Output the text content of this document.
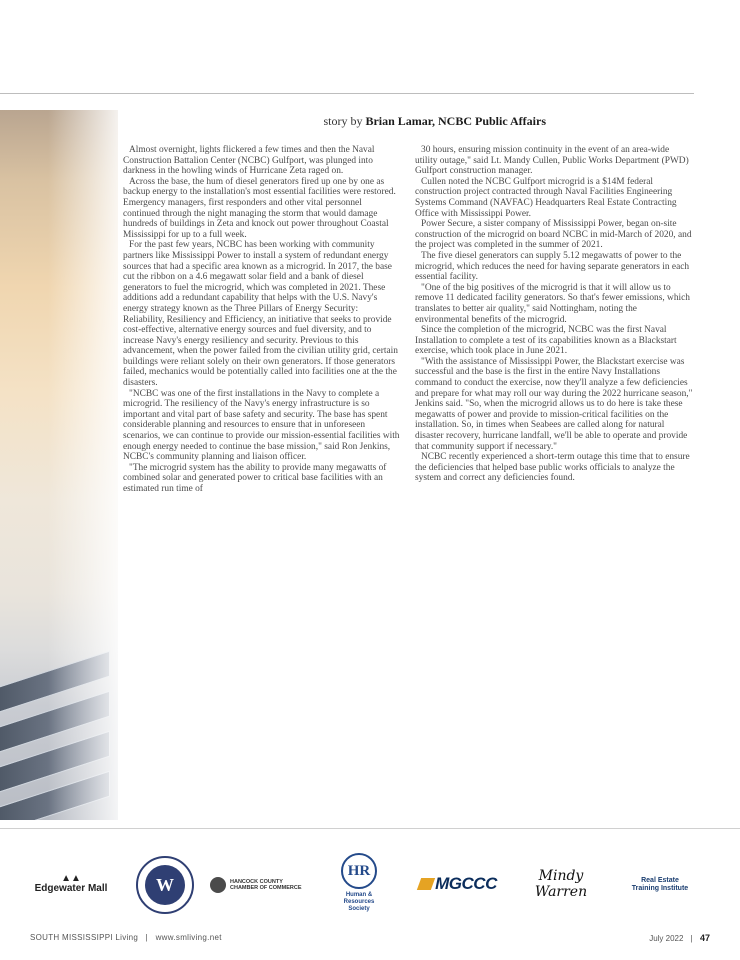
story by Brian Lamar, NCBC Public Affairs

Almost overnight, lights flickered a few times and then the Naval Construction Battalion Center (NCBC) Gulfport, was plunged into darkness in the howling winds of Hurricane Zeta raged on.

Across the base, the hum of diesel generators fired up one by one as backup energy to the installation's most essential facilities were restored. Emergency managers, first responders and other vital personnel continued through the night managing the storm that would damage hundreds of buildings in Zeta and knock out power throughout Coastal Mississippi for up to a full week.

For the past few years, NCBC has been working with community partners like Mississippi Power to install a system of redundant energy sources that had a specific area known as a microgrid. In 2017, the base cut the ribbon on a 4.6 megawatt solar field and a bank of diesel generators to fuel the microgrid, which was completed in 2021. These additions add a redundant capability that helps with the U.S. Navy's energy strategy known as the Three Pillars of Energy Security: Reliability, Resiliency and Efficiency, an initiative that seeks to provide cost-effective, alternative energy sources and fuel diversity, and to increase Navy's energy resiliency and security. Previous to this advancement, when the power failed from the civilian utility grid, certain buildings were reliant solely on their own generators. If those generators failed, mechanics would be potentially called into facilities one at the the disasters.

"NCBC was one of the first installations in the Navy to complete a microgrid. The resiliency of the Navy's energy infrastructure is so important and vital part of base safety and security. The base has spent considerable planning and resources to ensure that in unforeseen scenarios, we can continue to provide our mission-essential facilities with enough energy needed to continue the base mission," said Ron Jenkins, NCBC's community planning and liaison officer.

"The microgrid system has the ability to provide many megawatts of combined solar and generated power to critical base facilities with an estimated run time of

30 hours, ensuring mission continuity in the event of an area-wide utility outage," said Lt. Mandy Cullen, Public Works Department (PWD) Gulfport construction manager.

Cullen noted the NCBC Gulfport microgrid is a $14M federal construction project contracted through Naval Facilities Engineering Systems Command (NAVFAC) Headquarters Real Estate Contracting Office with Mississippi Power.

Power Secure, a sister company of Mississippi Power, began on-site construction of the microgrid on board NCBC in mid-March of 2020, and the project was completed in the summer of 2021.

The five diesel generators can supply 5.12 megawatts of power to the microgrid, which reduces the need for having separate generators in each essential facility.

"One of the big positives of the microgrid is that it will allow us to remove 11 dedicated facility generators. So that's fewer emissions, which translates to better air quality," said Nottingham, noting the environmental benefits of the microgrid.

Since the completion of the microgrid, NCBC was the first Naval Installation to complete a test of its capabilities known as a Blackstart exercise, which took place in June 2021.

"With the assistance of Mississippi Power, the Blackstart exercise was successful and the base is the first in the entire Navy Installations command to conduct the exercise, now they'll analyze a few deficiencies and prepare for what may roll our way during the 2022 hurricane season," Jenkins said. "So, when the microgrid allows us to do here is take these megawatts of power and provide to mission-critical facilities on the installation. So, in times when Seabees are called along for natural disaster recovery, hurricane landfall, we'll be able to operate and provide that community support if necessary."

NCBC recently experienced a short-term outage this time that to ensure the deficiencies that helped base public works officials to analyze the system and correct any deficiencies found.

▲▲
Edgewater Mall	W	HANCOCK COUNTY
CHAMBER OF COMMERCE
HR
Human &
Resources
Society
MGCCC	Mindy Warren
Real Estate
Training Institute
SOUTH MISSISSIPPI Living | www.smliving.net	July 2022 | 47
